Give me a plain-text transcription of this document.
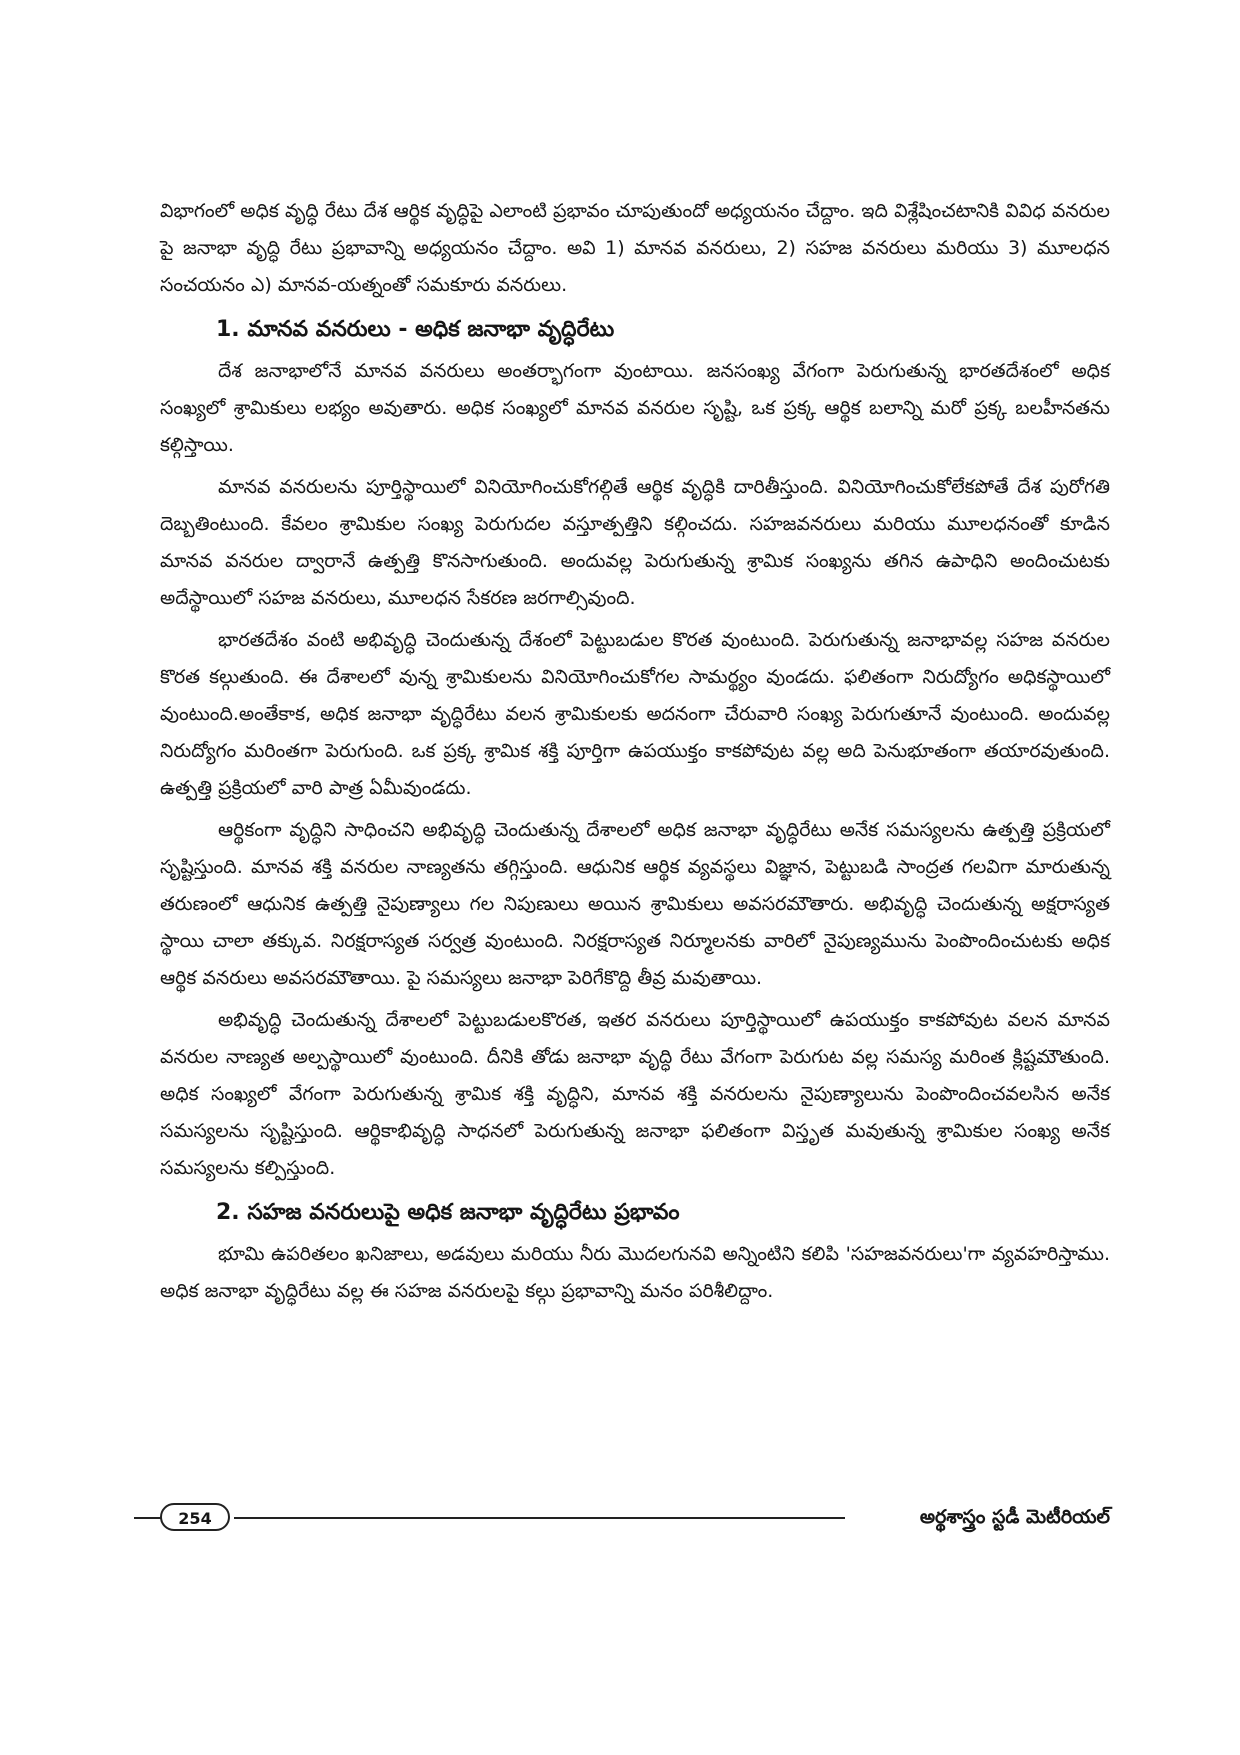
విభాగంలో అధిక వృద్ధి రేటు దేశ ఆర్థిక వృద్ధిపై ఎలాంటి ప్రభావం చూపుతుందో అధ్యయనం చేద్దాం. ఇది విశ్లేషించటానికి వివిధ వనరుల పై జనాభా వృద్ధి రేటు ప్రభావాన్ని అధ్యయనం చేద్దాం. అవి 1) మానవ వనరులు, 2) సహజ వనరులు మరియు 3) మూలధన సంచయనం ఎ) మానవ-యత్నంతో సమకూరు వనరులు.

1. మానవ వనరులు - అధిక జనాభా వృద్ధిరేటు

దేశ జనాభాలోనే మానవ వనరులు అంతర్భాగంగా వుంటాయి. జనసంఖ్య వేగంగా పెరుగుతున్న భారతదేశంలో అధిక సంఖ్యలో శ్రామికులు లభ్యం అవుతారు. అధిక సంఖ్యలో మానవ వనరుల సృష్టి, ఒక ప్రక్క ఆర్థిక బలాన్ని మరో ప్రక్క బలహీనతను కల్గిస్తాయి.

మానవ వనరులను పూర్తిస్థాయిలో వినియోగించుకోగల్గితే ఆర్థిక వృద్ధికి దారితీస్తుంది. వినియోగించుకోలేకపోతే దేశ పురోగతి దెబ్బతింటుంది. కేవలం శ్రామికుల సంఖ్య పెరుగుదల వస్తూత్పత్తిని కల్గించదు. సహజవనరులు మరియు మూలధనంతో కూడిన మానవ వనరుల ద్వారానే ఉత్పత్తి కొనసాగుతుంది. అందువల్ల పెరుగుతున్న శ్రామిక సంఖ్యను తగిన ఉపాధిని అందించుటకు అదేస్థాయిలో సహజ వనరులు, మూలధన సేకరణ జరగాల్సివుంది.

భారతదేశం వంటి అభివృద్ధి చెందుతున్న దేశంలో పెట్టుబడుల కొరత వుంటుంది. పెరుగుతున్న జనాభావల్ల సహజ వనరుల కొరత కల్గుతుంది. ఈ దేశాలలో వున్న శ్రామికులను వినియోగించుకోగల సామర్థ్యం వుండదు. ఫలితంగా నిరుద్యోగం అధికస్థాయిలో వుంటుంది.అంతేకాక, అధిక జనాభా వృద్ధిరేటు వలన శ్రామికులకు అదనంగా చేరువారి సంఖ్య పెరుగుతూనే వుంటుంది. అందువల్ల నిరుద్యోగం మరింతగా పెరుగుంది. ఒక ప్రక్క శ్రామిక శక్తి పూర్తిగా ఉపయుక్తం కాకపోవుట వల్ల అది పెనుభూతంగా తయారవుతుంది. ఉత్పత్తి ప్రక్రియలో వారి పాత్ర ఏమీవుండదు.

ఆర్థికంగా వృద్ధిని సాధించని అభివృద్ధి చెందుతున్న దేశాలలో అధిక జనాభా వృద్ధిరేటు అనేక సమస్యలను ఉత్పత్తి ప్రక్రియలో సృష్టిస్తుంది. మానవ శక్తి వనరుల నాణ్యతను తగ్గిస్తుంది. ఆధునిక ఆర్థిక వ్యవస్థలు విజ్ఞాన, పెట్టుబడి సాంద్రత గలవిగా మారుతున్న తరుణంలో ఆధునిక ఉత్పత్తి నైపుణ్యాలు గల నిపుణులు అయిన శ్రామికులు అవసరమౌతారు. అభివృద్ధి చెందుతున్న అక్షరాస్యత స్థాయి చాలా తక్కువ. నిరక్షరాస్యత సర్వత్ర వుంటుంది. నిరక్షరాస్యత నిర్మూలనకు వారిలో నైపుణ్యమును పెంపొందించుటకు అధిక ఆర్థిక వనరులు అవసరమౌతాయి. పై సమస్యలు జనాభా పెరిగేకొద్ది తీవ్ర మవుతాయి.

అభివృద్ధి చెందుతున్న దేశాలలో పెట్టుబడులకొరత, ఇతర వనరులు పూర్తిస్థాయిలో ఉపయుక్తం కాకపోవుట వలన మానవ వనరుల నాణ్యత అల్పస్థాయిలో వుంటుంది. దీనికి తోడు జనాభా వృద్ధి రేటు వేగంగా పెరుగుట వల్ల సమస్య మరింత క్లిష్టమౌతుంది. అధిక సంఖ్యలో వేగంగా పెరుగుతున్న శ్రామిక శక్తి వృద్ధిని, మానవ శక్తి వనరులను నైపుణ్యాలును పెంపొందించవలసిన అనేక సమస్యలను సృష్టిస్తుంది. ఆర్థికాభివృద్ధి సాధనలో పెరుగుతున్న జనాభా ఫలితంగా విస్తృత మవుతున్న శ్రామికుల సంఖ్య అనేక సమస్యలను కల్పిస్తుంది.

2. సహజ వనరులుపై అధిక జనాభా వృద్ధిరేటు ప్రభావం

భూమి ఉపరితలం ఖనిజాలు, అడవులు మరియు నీరు మొదలగునవి అన్నింటిని కలిపి 'సహజవనరులు'గా వ్యవహరిస్తాము. అధిక జనాభా వృద్ధిరేటు వల్ల ఈ సహజ వనరులపై కల్గు ప్రభావాన్ని మనం పరిశీలిద్దాం.

254	అర్థశాస్త్రం స్టడీ మెటీరియల్
